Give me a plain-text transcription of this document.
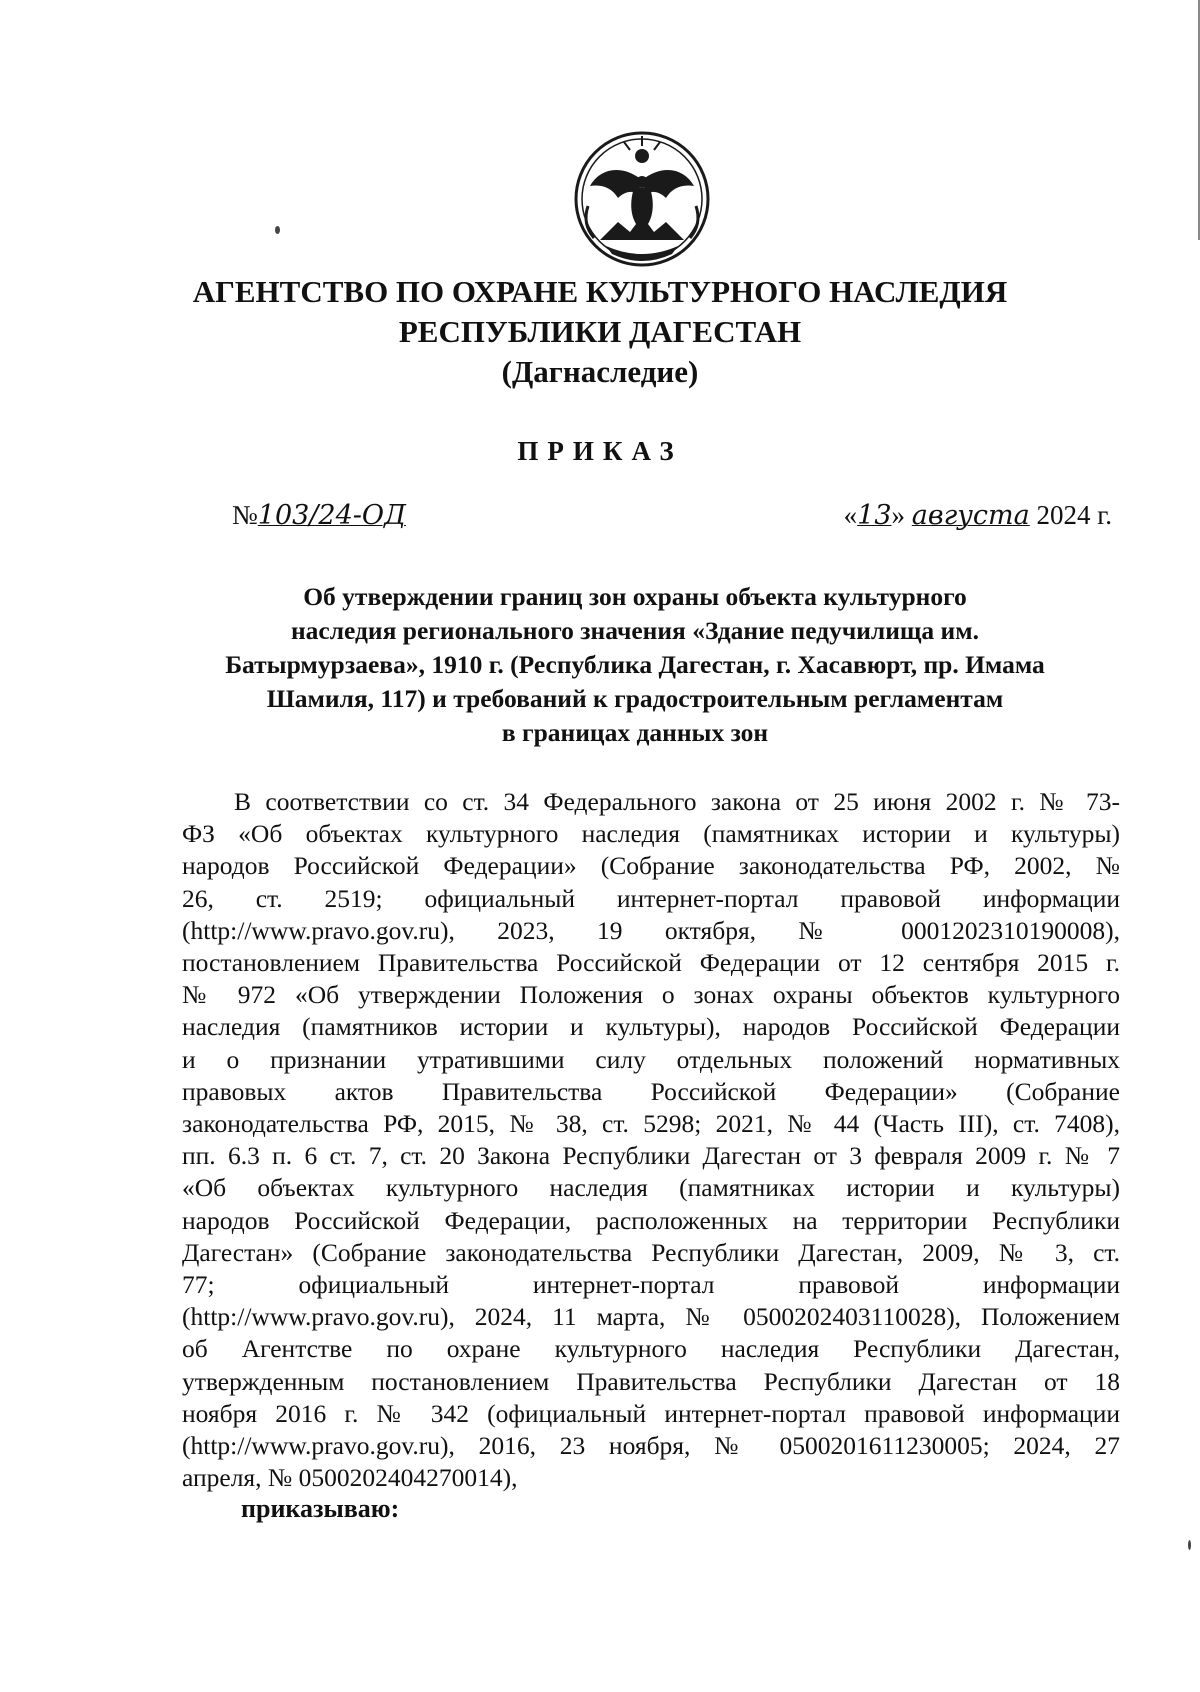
АГЕНТСТВО ПО ОХРАНЕ КУЛЬТУРНОГО НАСЛЕДИЯ
РЕСПУБЛИКИ ДАГЕСТАН
(Дагнаследие)
ПРИКАЗ
№103/24-ОД	«13» августа 2024 г.
Об утверждении границ зон охраны объекта культурного
наследия регионального значения «Здание педучилища им.
Батырмурзаева», 1910 г. (Республика Дагестан, г. Хасавюрт, пр. Имама
Шамиля, 117) и требований к градостроительным регламентам
в границах данных зон
В соответствии со ст. 34 Федерального закона от 25 июня 2002 г. № 73-
ФЗ «Об объектах культурного наследия (памятниках истории и культуры)
народов Российской Федерации» (Собрание законодательства РФ, 2002, №
26, ст. 2519; официальный интернет-портал правовой информации
(http://www.pravo.gov.ru), 2023, 19 октября, № 0001202310190008),
постановлением Правительства Российской Федерации от 12 сентября 2015 г.
№ 972 «Об утверждении Положения о зонах охраны объектов культурного
наследия (памятников истории и культуры), народов Российской Федерации
и о признании утратившими силу отдельных положений нормативных
правовых актов Правительства Российской Федерации» (Собрание
законодательства РФ, 2015, № 38, ст. 5298; 2021, № 44 (Часть III), ст. 7408),
пп. 6.3 п. 6 ст. 7, ст. 20 Закона Республики Дагестан от 3 февраля 2009 г. № 7
«Об объектах культурного наследия (памятниках истории и культуры)
народов Российской Федерации, расположенных на территории Республики
Дагестан» (Собрание законодательства Республики Дагестан, 2009, № 3, ст.
77; официальный интернет-портал правовой информации
(http://www.pravo.gov.ru), 2024, 11 марта, № 0500202403110028), Положением
об Агентстве по охране культурного наследия Республики Дагестан,
утвержденным постановлением Правительства Республики Дагестан от 18
ноября 2016 г. № 342 (официальный интернет-портал правовой информации
(http://www.pravo.gov.ru), 2016, 23 ноября, № 0500201611230005; 2024, 27
апреля, № 0500202404270014),
приказываю:
